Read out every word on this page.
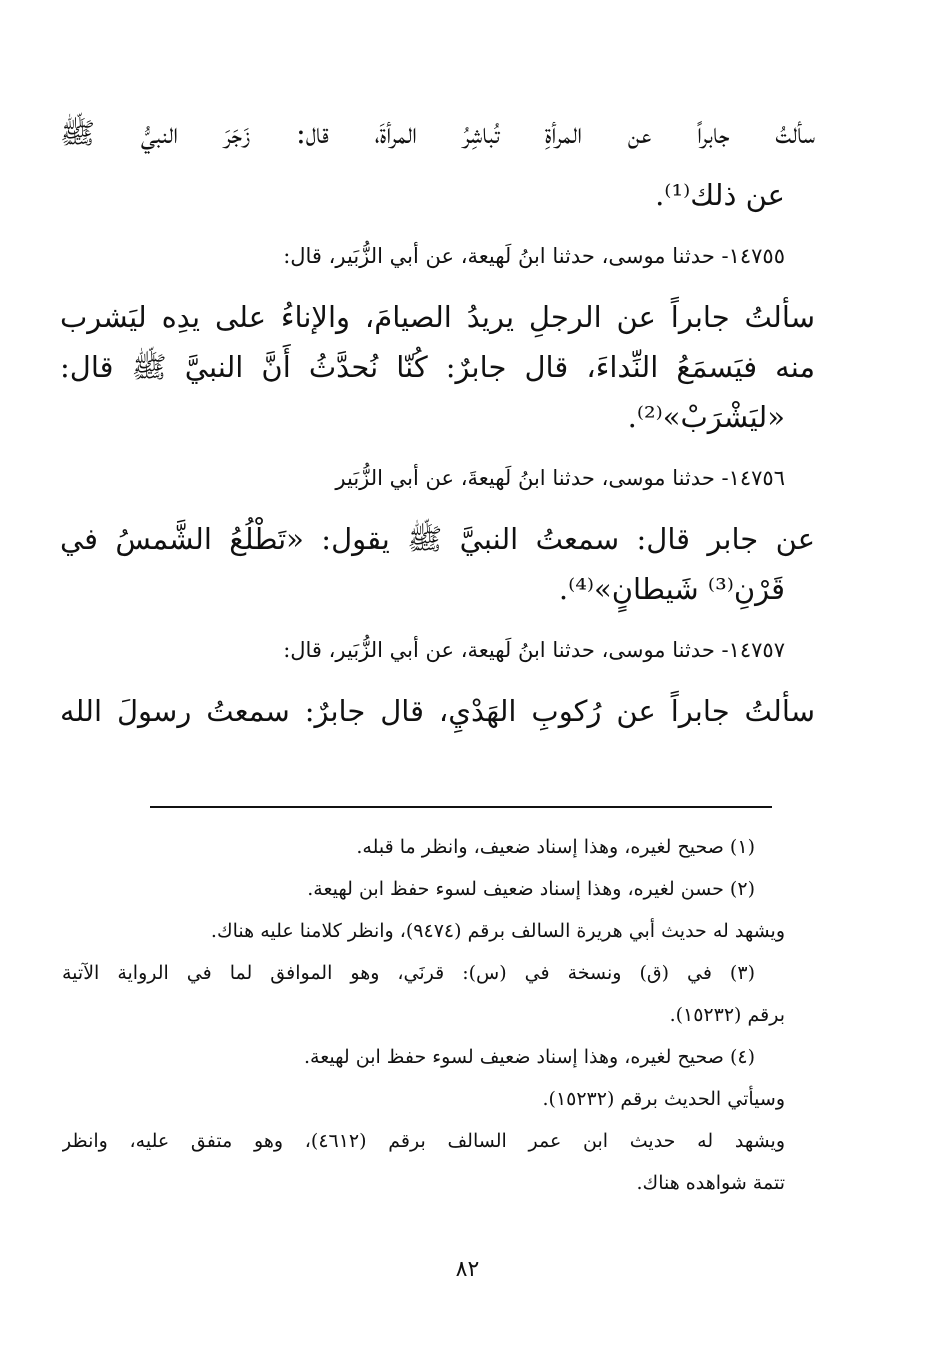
سألتُ جابراً عن المرأةِ تُباشِرُ المرأةَ، قال: زَجَرَ النبيُّ ﷺ
عن ذلك⁽¹⁾.
١٤٧٥٥- حدثنا موسى، حدثنا ابنُ لَهيعة، عن أبي الزُّبَير، قال:
سألتُ جابراً عن الرجلِ يريدُ الصيامَ، والإناءُ على يدِه ليَشرب
منه فيَسمَعُ النِّداءَ، قال جابرٌ: كُنّا نُحدَّثُ أَنَّ النبيَّ ﷺ قال:
«ليَشْرَبْ»⁽²⁾.
١٤٧٥٦- حدثنا موسى، حدثنا ابنُ لَهيعةَ، عن أبي الزُّبَير
عن جابر قال: سمعتُ النبيَّ ﷺ يقول: «تَطْلُعُ الشَّمسُ في
قَرْنِ⁽³⁾ شَيطانٍ»⁽⁴⁾.
١٤٧٥٧- حدثنا موسى، حدثنا ابنُ لَهيعة، عن أبي الزُّبَير، قال:
سألتُ جابراً عن رُكوبِ الهَدْيِ، قال جابرٌ: سمعتُ رسولَ الله
(١) صحيح لغيره، وهذا إسناد ضعيف، وانظر ما قبله.
(٢) حسن لغيره، وهذا إسناد ضعيف لسوء حفظ ابن لهيعة.
ويشهد له حديث أبي هريرة السالف برقم (٩٤٧٤)، وانظر كلامنا عليه هناك.
(٣) في (ق) ونسخة في (س): قرنَي، وهو الموافق لما في الرواية الآتية
برقم (١٥٢٣٢).
(٤) صحيح لغيره، وهذا إسناد ضعيف لسوء حفظ ابن لهيعة.
وسيأتي الحديث برقم (١٥٢٣٢).
ويشهد له حديث ابن عمر السالف برقم (٤٦١٢)، وهو متفق عليه، وانظر
تتمة شواهده هناك.
٨٢
